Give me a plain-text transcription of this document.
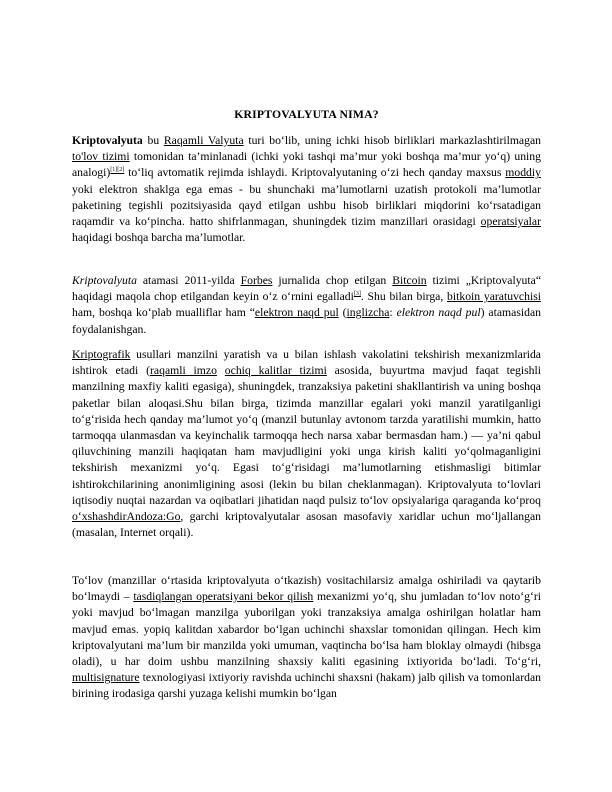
KRIPTOVALYUTA NIMA?

Kriptovalyuta bu Raqamli Valyuta turi bo‘lib, uning ichki hisob birliklari markazlashtirilmagan to'lov tizimi tomonidan ta’minlanadi (ichki yoki tashqi ma’mur yoki boshqa ma’mur yo‘q) uning analogi)[1][2] to‘liq avtomatik rejimda ishlaydi. Kriptovalyutaning o‘zi hech qanday maxsus moddiy yoki elektron shaklga ega emas - bu shunchaki ma’lumotlarni uzatish protokoli ma’lumotlar paketining tegishli pozitsiyasida qayd etilgan ushbu hisob birliklari miqdorini ko‘rsatadigan raqamdir va ko‘pincha. hatto shifrlanmagan, shuningdek tizim manzillari orasidagi operatsiyalar haqidagi boshqa barcha ma’lumotlar.

Kriptovalyuta atamasi 2011-yilda Forbes jurnalida chop etilgan Bitcoin tizimi „Kriptovalyuta“ haqidagi maqola chop etilgandan keyin o‘z o‘rnini egalladi[3]. Shu bilan birga, bitkoin yaratuvchisi ham, boshqa ko‘plab mualliflar ham “elektron naqd pul (inglizcha: elektron naqd pul) atamasidan foydalanishgan.

Kriptografik usullari manzilni yaratish va u bilan ishlash vakolatini tekshirish mexanizmlarida ishtirok etadi (raqamli imzo ochiq kalitlar tizimi asosida, buyurtma mavjud faqat tegishli manzilning maxfiy kaliti egasiga), shuningdek, tranzaksiya paketini shakllantirish va uning boshqa paketlar bilan aloqasi.Shu bilan birga, tizimda manzillar egalari yoki manzil yaratilganligi to‘g‘risida hech qanday ma’lumot yo‘q (manzil butunlay avtonom tarzda yaratilishi mumkin, hatto tarmoqqa ulanmasdan va keyinchalik tarmoqqa hech narsa xabar bermasdan ham.) — ya’ni qabul qiluvchining manzili haqiqatan ham mavjudligini yoki unga kirish kaliti yo‘qolmaganligini tekshirish mexanizmi yo‘q. Egasi to‘g‘risidagi ma’lumotlarning etishmasligi bitimlar ishtirokchilarining anonimligining asosi (lekin bu bilan cheklanmagan). Kriptovalyuta to‘lovlari iqtisodiy nuqtai nazardan va oqibatlari jihatidan naqd pulsiz to‘lov opsiyalariga qaraganda ko‘proq o‘xshashdirAndoza:Go, garchi kriptovalyutalar asosan masofaviy xaridlar uchun mo‘ljallangan (masalan, Internet orqali).

To‘lov (manzillar o‘rtasida kriptovalyuta o‘tkazish) vositachilarsiz amalga oshiriladi va qaytarib bo‘lmaydi – tasdiqlangan operatsiyani bekor qilish mexanizmi yo‘q, shu jumladan to‘lov noto‘g‘ri yoki mavjud bo‘lmagan manzilga yuborilgan yoki tranzaksiya amalga oshirilgan holatlar ham mavjud emas. yopiq kalitdan xabardor bo‘lgan uchinchi shaxslar tomonidan qilingan. Hech kim kriptovalyutani ma’lum bir manzilda yoki umuman, vaqtincha bo‘lsa ham bloklay olmaydi (hibsga oladi), u har doim ushbu manzilning shaxsiy kaliti egasining ixtiyorida bo‘ladi. To‘g‘ri, multisignature texnologiyasi ixtiyoriy ravishda uchinchi shaxsni (hakam) jalb qilish va tomonlardan birining irodasiga qarshi yuzaga kelishi mumkin bo‘lgan
